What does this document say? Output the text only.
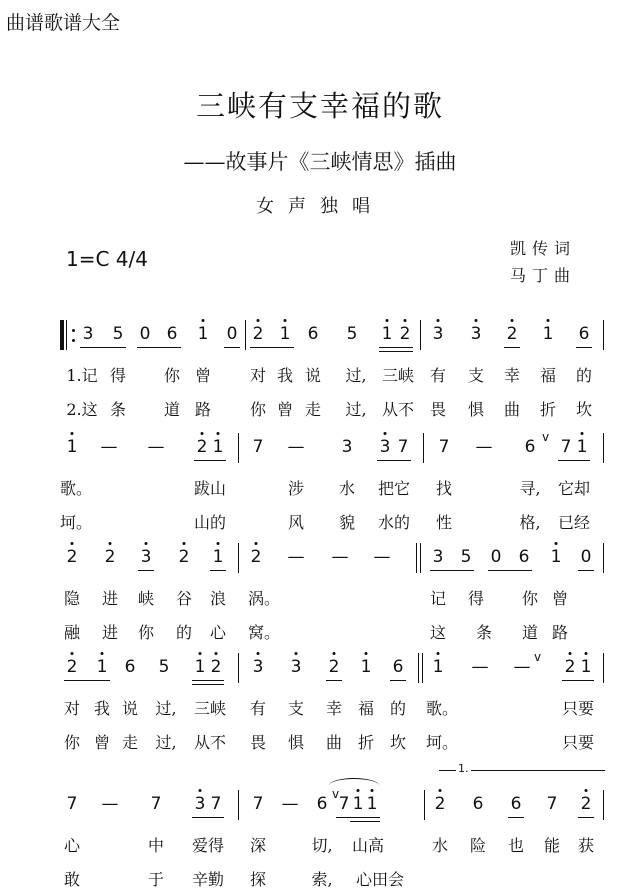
曲谱歌谱大全
三峡有支幸福的歌
——故事片《三峡情思》插曲
女声独唱
1=C 4/4	凯传词
马丁曲
3 5 0 6 1 0 2 1 6 5 1 2 3 3 2 1 6
1.记 得 你 曾 对 我 说 过, 三峡 有 支 幸 福 的
2.这 条 道 路 你 曾 走 过, 从不 畏 惧 曲 折 坎
1 — — 2 1 7 — 3 3 7 7 — 6 v 7 1
歌。	跋山	涉 水 把它 找	寻, 它却
坷。	山的	风 貌 水的 性	格, 已经
2 2 3 2 1 2 — — — 3 5 0 6 1 0
隐 进 峡 谷 浪 涡。	记 得 你 曾
融 进 你 的 心 窝。	这 条 道 路
2 1 6 5 1 2 3 3 2 1 6 1 — — v 2 1
对 我 说 过, 三峡 有 支 幸 福 的 歌。	只要
你 曾 走 过, 从不 畏 惧 曲 折 坎 坷。	只要
1.
7 — 7 3 7 7 — 6 v 7 1 1	2 6 6 7 2
心	中 爱得 深	切, 山高	水 险 也 能 获
敢	于 辛勤 探	索, 心田会
